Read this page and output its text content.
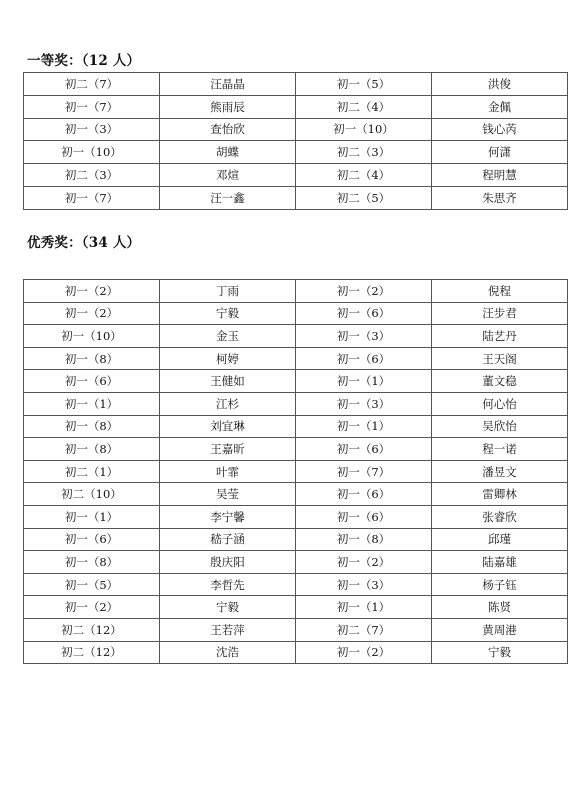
一等奖：（12 人）
初二（7）	汪晶晶	初一（5）	洪俊
初一（7）	熊雨辰	初二（4）	金佩
初一（3）	查怡欣	初一（10）	钱心芮
初一（10）	胡蝶	初二（3）	何潇
初二（3）	邓煊	初二（4）	程明慧
初一（7）	汪一鑫	初二（5）	朱思齐
优秀奖：（34 人）
初一（2）	丁雨	初一（2）	倪程
初一（2）	宁毅	初一（6）	汪步君
初一（10）	金玉	初一（3）	陆艺丹
初一（8）	柯婷	初一（6）	王天阁
初一（6）	王健如	初一（1）	董文稳
初一（1）	江杉	初一（3）	何心怡
初一（8）	刘宜琳	初一（1）	吴欣怡
初一（8）	王嘉昕	初一（6）	程一诺
初二（1）	叶霏	初一（7）	潘昱文
初二（10）	吴莹	初一（6）	雷卿林
初一（1）	李宁馨	初一（6）	张睿欣
初一（6）	嵇子涵	初一（8）	邱瑾
初一（8）	殷庆阳	初一（2）	陆嘉雄
初一（5）	李哲先	初一（3）	杨子钰
初一（2）	宁毅	初一（1）	陈贤
初二（12）	王若萍	初二（7）	黄周港
初二（12）	沈浩	初一（2）	宁毅
